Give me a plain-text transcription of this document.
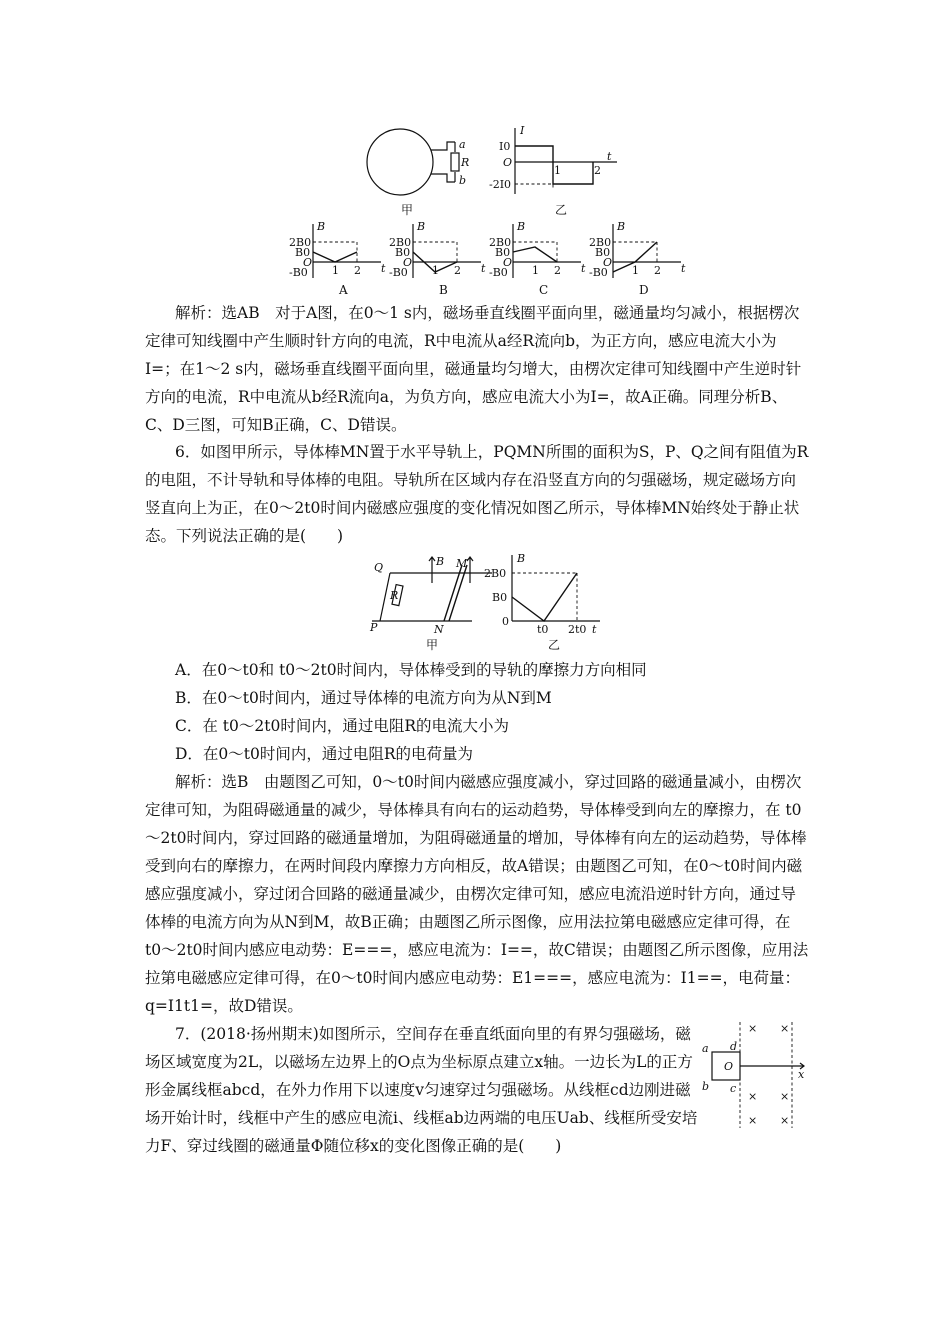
a
R
b
甲
I
t
I0
O
-2I0
1	2
乙
2B0
B0
O
-B0
B
t
1 2
A
2B0
B0
O
-B0
B
t
1 2
B
2B0
B0
O
-B0
B
t
1 2
C
2B0
B0
O
-B0
B
t
1 2
D
解析：选AB　对于A图，在0～1 s内，磁场垂直线圈平面向里，磁通量均匀减小，根据楞次定律可知线圈中产生顺时针方向的电流，R中电流从a经R流向b，为正方向，感应电流大小为I=；在1～2 s内，磁场垂直线圈平面向里，磁通量均匀增大，由楞次定律可知线圈中产生逆时针方向的电流，R中电流从b经R流向a，为负方向，感应电流大小为I=，故A正确。同理分析B、C、D三图，可知B正确，C、D错误。
6．如图甲所示，导体棒MN置于水平导轨上，PQMN所围的面积为S，P、Q之间有阻值为R的电阻，不计导轨和导体棒的电阻。导轨所在区域内存在沿竖直方向的匀强磁场，规定磁场方向竖直向上为正，在0～2t0时间内磁感应强度的变化情况如图乙所示，导体棒MN始终处于静止状态。下列说法正确的是(　　)
Q	B M
R
P	N
甲
B
2B0
B0
0
t0 2t0 t
乙
A．在0～t0和 t0～2t0时间内，导体棒受到的导轨的摩擦力方向相同
B．在0～t0时间内，通过导体棒的电流方向为从N到M
C．在 t0～2t0时间内，通过电阻R的电流大小为
D．在0～t0时间内，通过电阻R的电荷量为
解析：选B　由题图乙可知，0～t0时间内磁感应强度减小，穿过回路的磁通量减小，由楞次定律可知，为阻碍磁通量的减少，导体棒具有向右的运动趋势，导体棒受到向左的摩擦力，在 t0～2t0时间内，穿过回路的磁通量增加，为阻碍磁通量的增加，导体棒有向左的运动趋势，导体棒受到向右的摩擦力，在两时间段内摩擦力方向相反，故A错误；由题图乙可知，在0～t0时间内磁感应强度减小，穿过闭合回路的磁通量减少，由楞次定律可知，感应电流沿逆时针方向，通过导体棒的电流方向为从N到M，故B正确；由题图乙所示图像，应用法拉第电磁感应定律可得，在 t0～2t0时间内感应电动势：E===，感应电流为：I==，故C错误；由题图乙所示图像，应用法拉第电磁感应定律可得，在0～t0时间内感应电动势：E1===，感应电流为：I1==，电荷量：q=I1t1=，故D错误。
7．(2018·扬州期末)如图所示，空间存在垂直纸面向里的有界匀强磁场，磁场区域宽度为2L，以磁场左边界上的O点为坐标原点建立x轴。一边长为L的正方形金属线框abcd，在外力作用下以速度v匀速穿过匀强磁场。从线框cd边刚进磁场开始计时，线框中产生的感应电流i、线框ab边两端的电压Uab、线框所受安培力F、穿过线圈的磁通量Φ随位移x的变化图像正确的是(　　)
a d
O
b c
x
× ×
× ×
× ×
